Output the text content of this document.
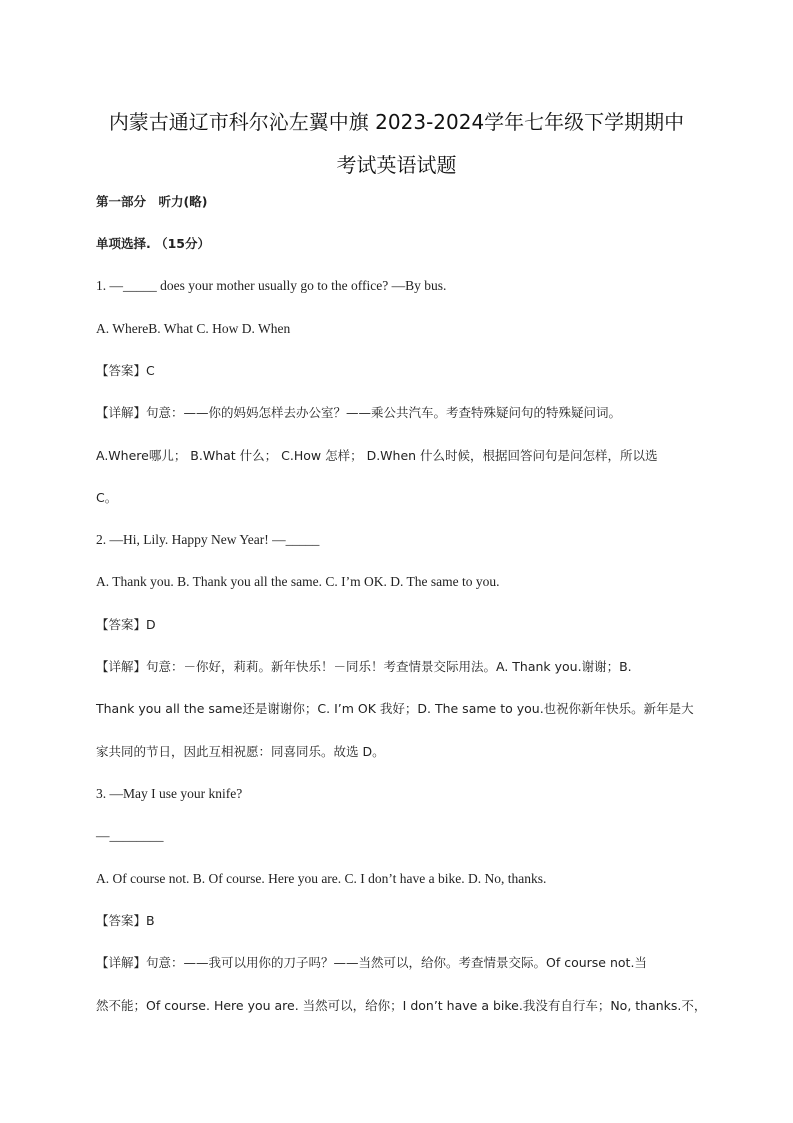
内蒙古通辽市科尔沁左翼中旗 2023-2024学年七年级下学期期中
考试英语试题
第一部分　听力(略)
单项选择. （15分）
1. —_____ does your mother usually go to the office? —By bus.
A. WhereB. What C. How D. When
【答案】C
【详解】句意：——你的妈妈怎样去办公室？——乘公共汽车。考查特殊疑问句的特殊疑问词。
A.Where哪儿； B.What 什么； C.How 怎样； D.When 什么时候，根据回答问句是问怎样，所以选
C。
2. —Hi, Lily. Happy New Year! —_____
A. Thank you. B. Thank you all the same. C. I’m OK. D. The same to you.
【答案】D
【详解】句意：－你好，莉莉。新年快乐！－同乐！考查情景交际用法。A. Thank you.谢谢；B.
Thank you all the same还是谢谢你；C. I’m OK 我好；D. The same to you.也祝你新年快乐。新年是大
家共同的节日，因此互相祝愿：同喜同乐。故选 D。
3. —May I use your knife?
—________
A. Of course not. B. Of course. Here you are. C. I don’t have a bike. D. No, thanks.
【答案】B
【详解】句意：——我可以用你的刀子吗？——当然可以，给你。考查情景交际。Of course not.当
然不能；Of course. Here you are. 当然可以，给你；I don’t have a bike.我没有自行车；No, thanks.不，
